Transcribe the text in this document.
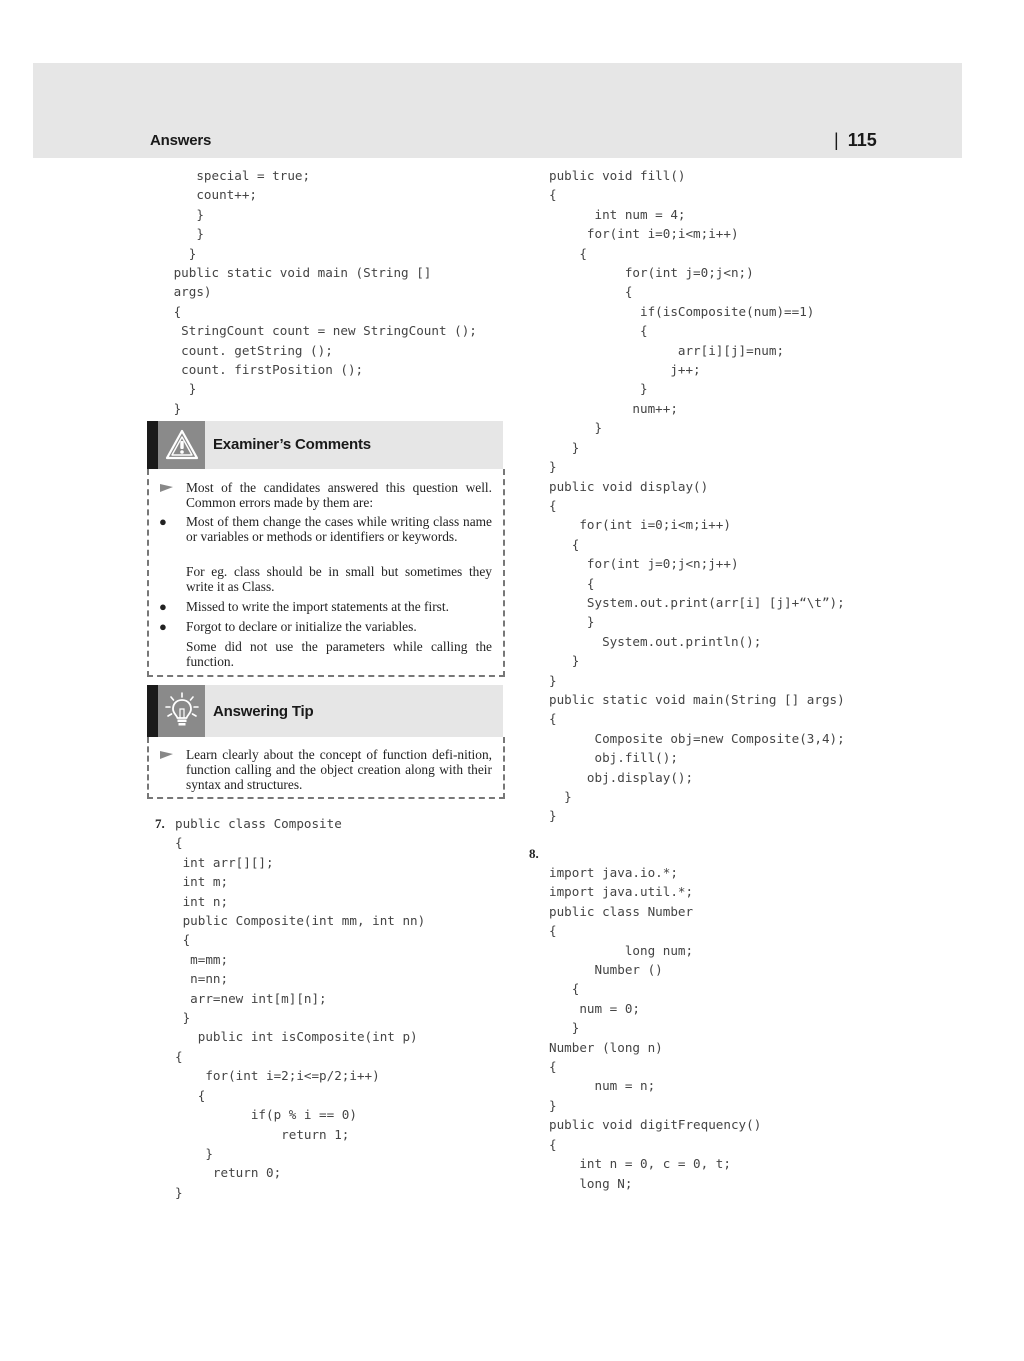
Answers	| 115
special = true;
count++;
}
}
}
public static void main (String []
args)
{
StringCount count = new StringCount ();
count. getString ();
count. firstPosition ();
}
}
public void fill()
{
int num = 4;
for(int i=0;i<m;i++)
{
for(int j=0;j<n;)
{
if(isComposite(num)==1)
{
arr[i][j]=num;
j++;
}
num++;
}
}
}
public void display()
{
for(int i=0;i<m;i++)
{
for(int j=0;j<n;j++)
{
System.out.print(arr[i] [j]+“\t”);
}
System.out.println();
}
}
public static void main(String [] args)
{
Composite obj=new Composite(3,4);
obj.fill();
obj.display();
}
}
Examiner’s Comments
Most of the candidates answered this question well. Common errors made by them are:
● Most of them change the cases while writing class name or variables or methods or identifiers or keywords.
For eg. class should be in small but sometimes they write it as Class.
● Missed to write the import statements at the first.
● Forgot to declare or initialize the variables.
Some did not use the parameters while calling the function.
Answering Tip
Learn clearly about the concept of function defi-nition, function calling and the object creation along with their syntax and structures.
7. public class Composite
{
int arr[][];
int m;
int n;
public Composite(int mm, int nn)
{
m=mm;
n=nn;
arr=new int[m][n];
}
public int isComposite(int p)
{
for(int i=2;i<=p/2;i++)
{
if(p % i == 0)
return 1;
}
return 0;
}
8.
import java.io.*;
import java.util.*;
public class Number
{
long num;
Number ()
{
num = 0;
}
Number (long n)
{
num = n;
}
public void digitFrequency()
{
int n = 0, c = 0, t;
long N;
